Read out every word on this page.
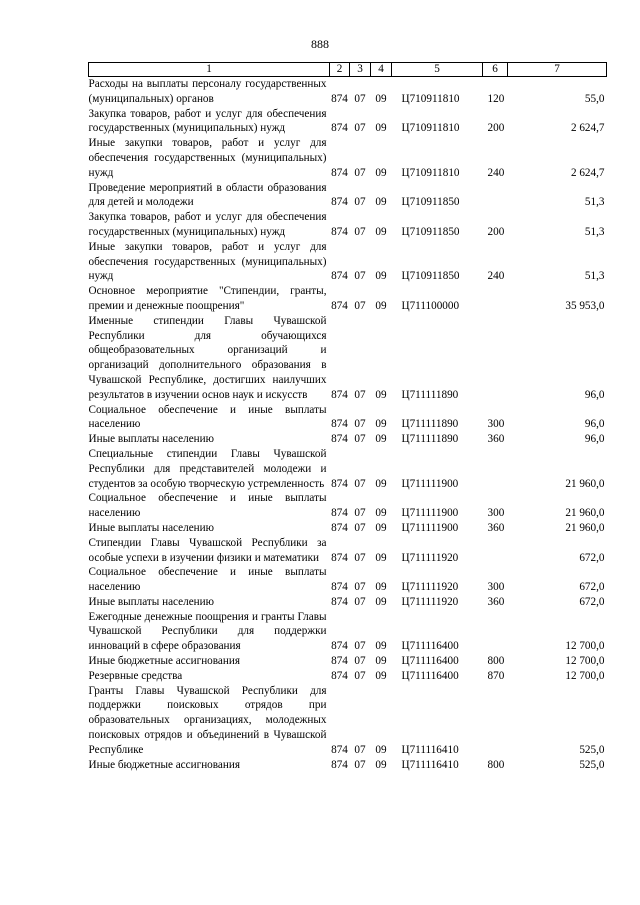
888
1	2	3	4	5	6	7
Расходы на выплаты персоналу государственных (муниципальных) органов	874	07	09	Ц710911810	120	55,0
Закупка товаров, работ и услуг для обеспечения государственных (муниципальных) нужд	874	07	09	Ц710911810	200	2 624,7
Иные закупки товаров, работ и услуг для обеспечения государственных (муниципальных) нужд	874	07	09	Ц710911810	240	2 624,7
Проведение мероприятий в области образования для детей и молодежи	874	07	09	Ц710911850		51,3
Закупка товаров, работ и услуг для обеспечения государственных (муниципальных) нужд	874	07	09	Ц710911850	200	51,3
Иные закупки товаров, работ и услуг для обеспечения государственных (муниципальных) нужд	874	07	09	Ц710911850	240	51,3
Основное мероприятие "Стипендии, гранты, премии и денежные поощрения"	874	07	09	Ц711100000		35 953,0
Именные стипендии Главы Чувашской Республики для обучающихся общеобразовательных организаций и организаций дополнительного образования в Чувашской Республике, достигших наилучших результатов в изучении основ наук и искусств	874	07	09	Ц711111890		96,0
Социальное обеспечение и иные выплаты населению	874	07	09	Ц711111890	300	96,0
Иные выплаты населению	874	07	09	Ц711111890	360	96,0
Специальные стипендии Главы Чувашской Республики для представителей молодежи и студентов за особую творческую устремленность	874	07	09	Ц711111900		21 960,0
Социальное обеспечение и иные выплаты населению	874	07	09	Ц711111900	300	21 960,0
Иные выплаты населению	874	07	09	Ц711111900	360	21 960,0
Стипендии Главы Чувашской Республики за особые успехи в изучении физики и математики	874	07	09	Ц711111920		672,0
Социальное обеспечение и иные выплаты населению	874	07	09	Ц711111920	300	672,0
Иные выплаты населению	874	07	09	Ц711111920	360	672,0
Ежегодные денежные поощрения и гранты Главы Чувашской Республики для поддержки инноваций в сфере образования	874	07	09	Ц711116400		12 700,0
Иные бюджетные ассигнования	874	07	09	Ц711116400	800	12 700,0
Резервные средства	874	07	09	Ц711116400	870	12 700,0
Гранты Главы Чувашской Республики для поддержки поисковых отрядов при образовательных организациях, молодежных поисковых отрядов и объединений в Чувашской Республике	874	07	09	Ц711116410		525,0
Иные бюджетные ассигнования	874	07	09	Ц711116410	800	525,0
